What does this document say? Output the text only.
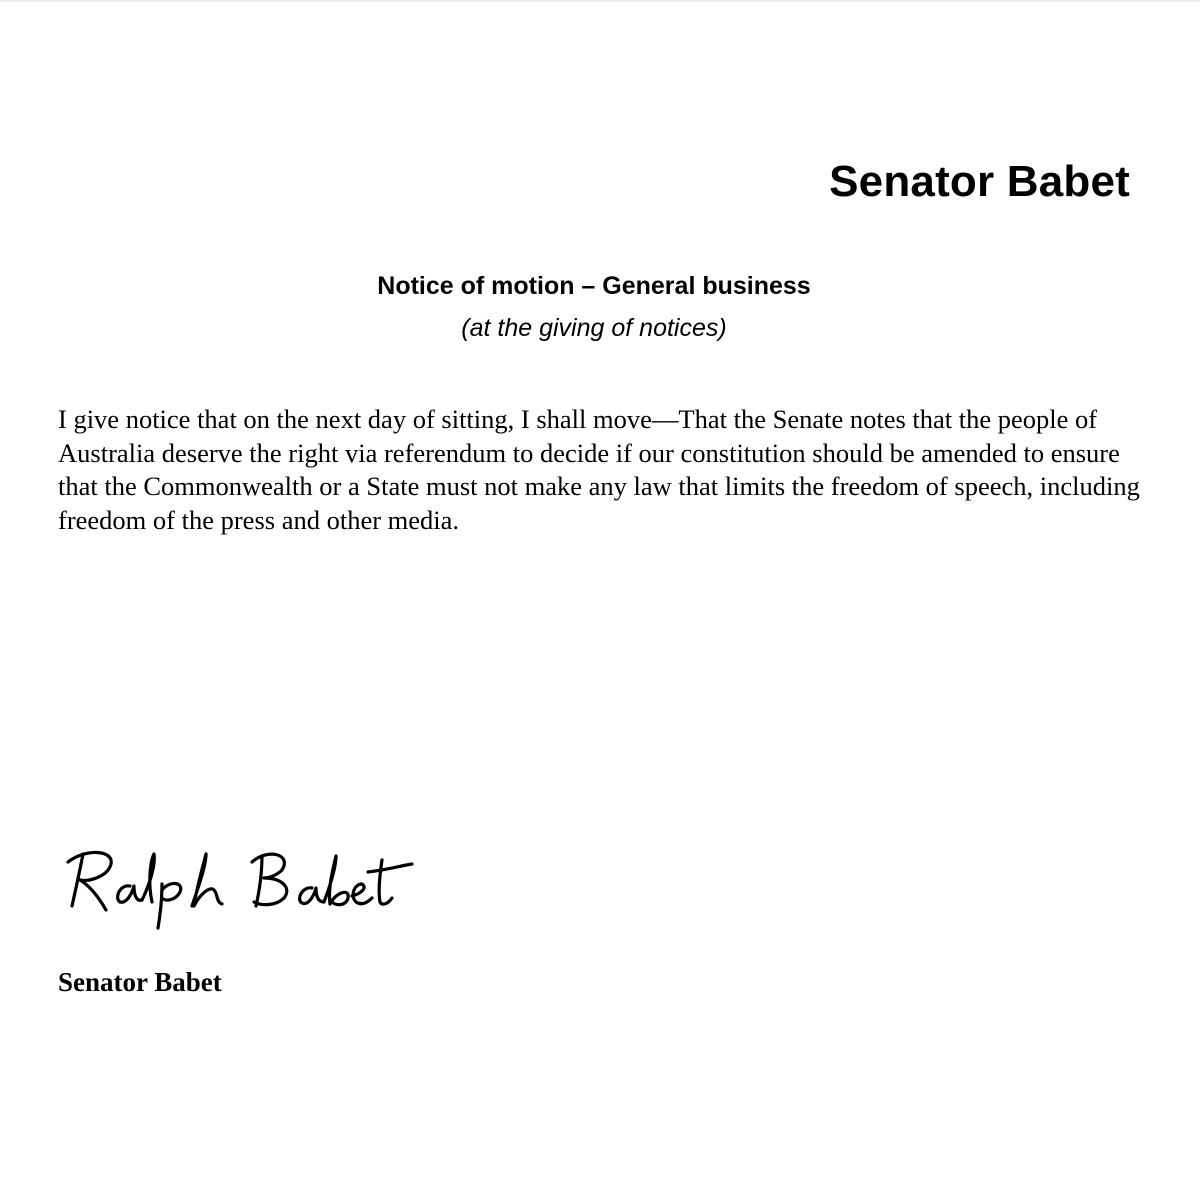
Senator Babet
Notice of motion – General business
(at the giving of notices)

I give notice that on the next day of sitting, I shall move—That the Senate notes that the people of Australia deserve the right via referendum to decide if our constitution should be amended to ensure that the Commonwealth or a State must not make any law that limits the freedom of speech, including freedom of the press and other media.

Senator Babet
